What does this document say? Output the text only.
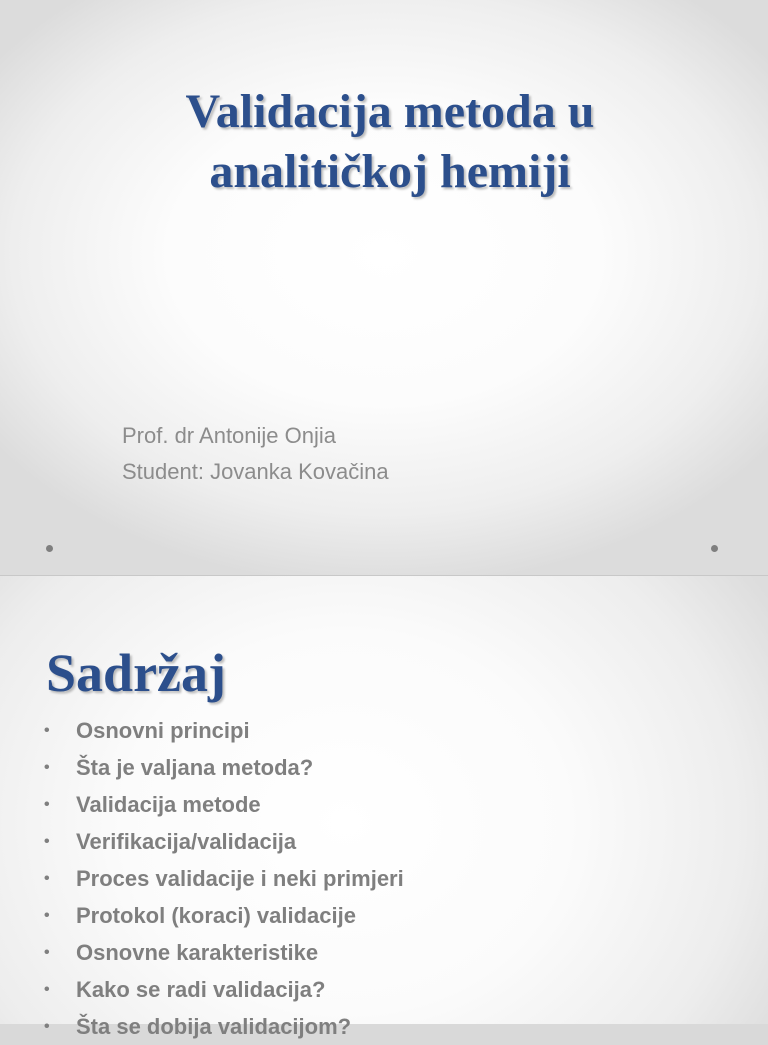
Validacija metoda u
analitičkoj hemiji
Prof. dr Antonije Onjia
Student: Jovanka Kovačina
Sadržaj
• Osnovni principi
• Šta je valjana metoda?
• Validacija metode
• Verifikacija/validacija
• Proces validacije i neki primjeri
• Protokol (koraci) validacije
• Osnovne karakteristike
• Kako se radi validacija?
• Šta se dobija validacijom?
